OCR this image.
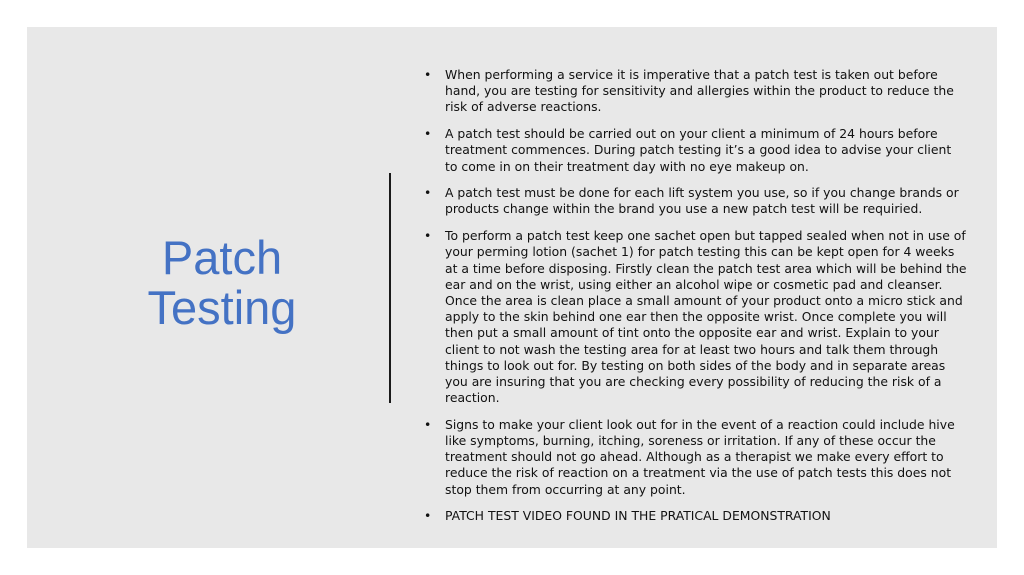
Patch
Testing
• When performing a service it is imperative that a patch test is taken out before hand, you are testing for sensitivity and allergies within the product to reduce the risk of adverse reactions.
• A patch test should be carried out on your client a minimum of 24 hours before treatment commences. During patch testing it’s a good idea to advise your client to come in on their treatment day with no eye makeup on.
• A patch test must be done for each lift system you use, so if you change brands or products change within the brand you use a new patch test will be requiried.
• To perform a patch test keep one sachet open but tapped sealed when not in use of your perming lotion (sachet 1) for patch testing this can be kept open for 4 weeks at a time before disposing. Firstly clean the patch test area which will be behind the ear and on the wrist, using either an alcohol wipe or cosmetic pad and cleanser. Once the area is clean place a small amount of your product onto a micro stick and apply to the skin behind one ear then the opposite wrist. Once complete you will then put a small amount of tint onto the opposite ear and wrist. Explain to your client to not wash the testing area for at least two hours and talk them through things to look out for. By testing on both sides of the body and in separate areas you are insuring that you are checking every possibility of reducing the risk of a reaction.
• Signs to make your client look out for in the event of a reaction could include hive like symptoms, burning, itching, soreness or irritation. If any of these occur the treatment should not go ahead. Although as a therapist we make every effort to reduce the risk of reaction on a treatment via the use of patch tests this does not stop them from occurring at any point.
• PATCH TEST VIDEO FOUND IN THE PRATICAL DEMONSTRATION
